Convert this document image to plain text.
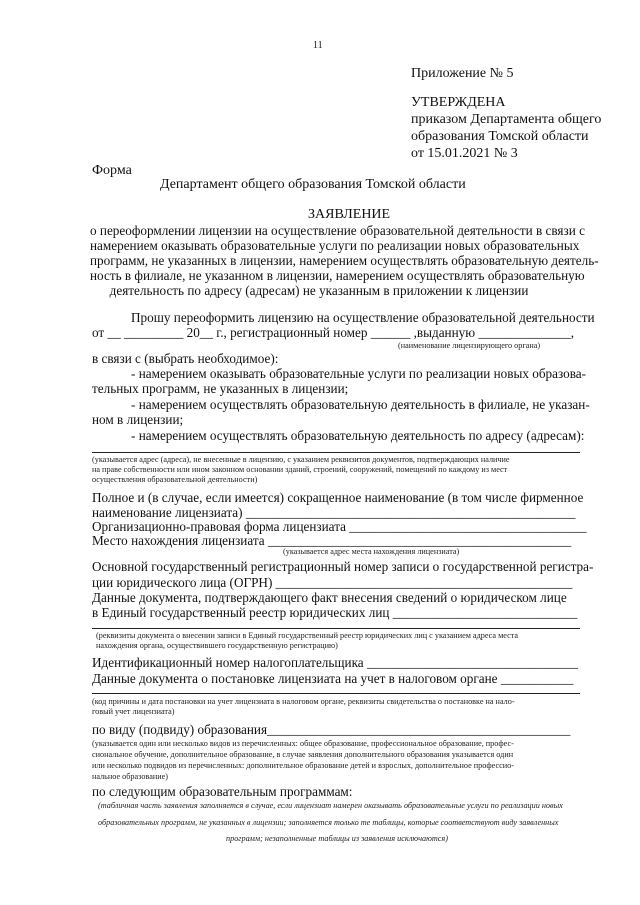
11
Приложение № 5
УТВЕРЖДЕНА
приказом Департамента общего
образования Томской области
от 15.01.2021 № 3
Форма
Департамент общего образования Томской области
ЗАЯВЛЕНИЕ
о переоформлении лицензии на осуществление образовательной деятельности в связи с
намерением оказывать образовательные услуги по реализации новых образовательных
программ, не указанных в лицензии, намерением осуществлять образовательную деятель-
ность в филиале, не указанном в лицензии, намерением осуществлять образовательную
деятельность по адресу (адресам) не указанным в приложении к лицензии
Прошу переоформить лицензию на осуществление образовательной деятельности
от __ _________ 20__ г., регистрационный номер ______ ,выданную ______________,
(наименование лицензирующего органа)
в связи с (выбрать необходимое):
- намерением оказывать образовательные услуги по реализации новых образова-
тельных программ, не указанных в лицензии;
- намерением осуществлять образовательную деятельность в филиале, не указан-
ном в лицензии;
- намерением осуществлять образовательную деятельность по адресу (адресам):
(указывается адрес (адреса), не внесенные в лицензию, с указанием реквизитов документов, подтверждающих наличие
на праве собственности или ином законном основании зданий, строений, сооружений, помещений по каждому из мест
осуществления образовательной деятельности)
Полное и (в случае, если имеется) сокращенное наименование (в том числе фирменное
наименование лицензиата) __________________________________________________
Организационно-правовая форма лицензиата ____________________________________
Место нахождения лицензиата ______________________________________________
(указывается адрес места нахождения лицензиата)
Основной государственный регистрационный номер записи о государственной регистра-
ции юридического лица (ОГРН) _____________________________________________
Данные документа, подтверждающего факт внесения сведений о юридическом лице
в Единый государственный реестр юридических лиц ____________________________
(реквизиты документа о внесении записи в Единый государственный реестр юридических лиц с указанием адреса места
нахождения органа, осуществившего государственную регистрацию)
Идентификационный номер налогоплательщика ________________________________
Данные документа о постановке лицензиата на учет в налоговом органе ___________
(код причины и дата постановки на учет лицензиата в налоговом органе, реквизиты свидетельства о постановке на нало-
говый учет лицензиата)
по виду (подвиду) образования______________________________________________
(указывается один или несколько видов из перечисленных: общее образование, профессиональное образование, профес-
сиональное обучение, дополнительное образование, в случае заявления дополнительного образования указывается один
или несколько подвидов из перечисленных: дополнительное образование детей и взрослых, дополнительное профессио-
нальное образование)
по следующим образовательным программам:
(табличная часть заявления заполняется в случае, если лицензиат намерен оказывать образовательные услуги по реализации новых
образовательных программ, не указанных в лицензии; заполняется только те таблицы, которые соответствуют виду заявленных
программ; незаполненные таблицы из заявления исключаются)
